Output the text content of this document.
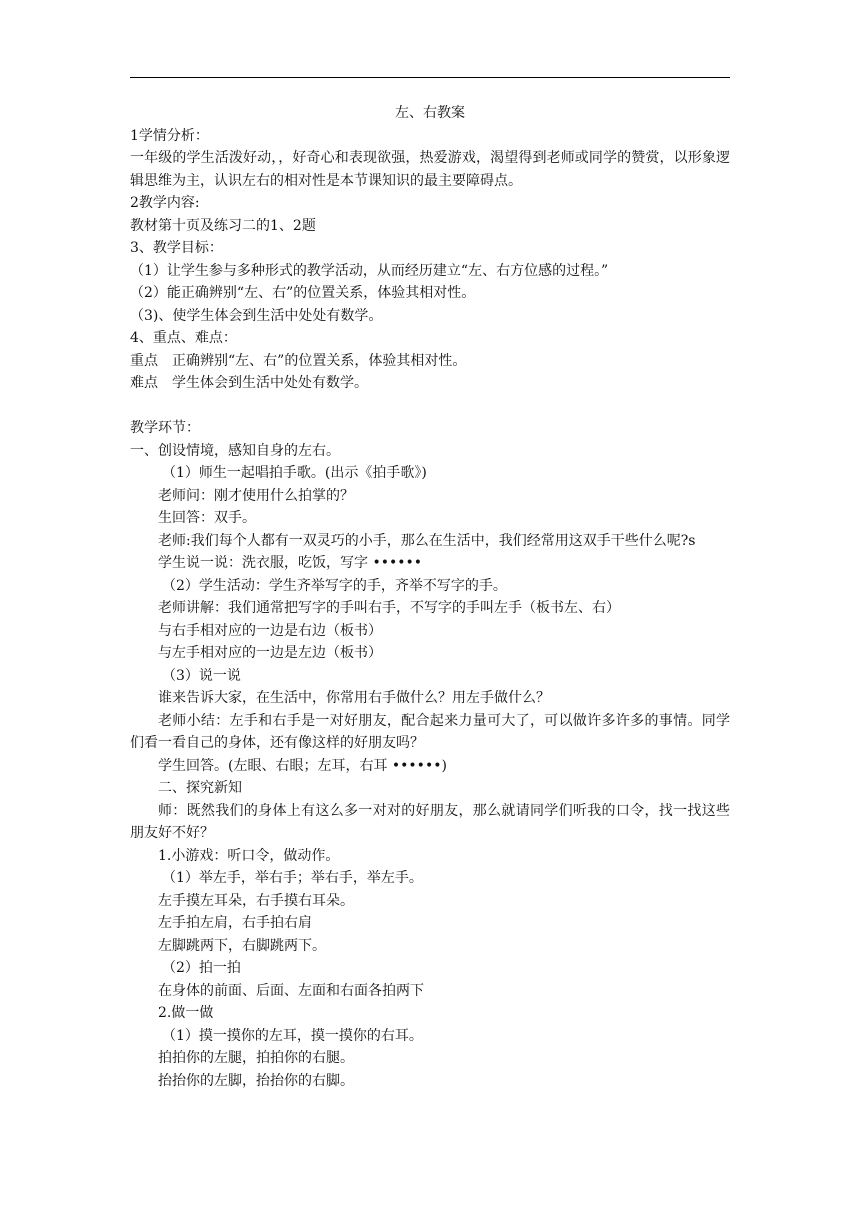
左、右教案
1学情分析：
一年级的学生活泼好动，，好奇心和表现欲强，热爱游戏，渴望得到老师或同学的赞赏，以形象逻辑思维为主，认识左右的相对性是本节课知识的最主要障碍点。
2教学内容:
教材第十页及练习二的1、2题
3、教学目标：
（1）让学生参与多种形式的教学活动，从而经历建立“左、右方位感的过程。”
（2）能正确辨别“左、右”的位置关系，体验其相对性。
（3)、使学生体会到生活中处处有数学。
4、重点、难点：
重点　正确辨别“左、右”的位置关系，体验其相对性。
难点　学生体会到生活中处处有数学。
教学环节：
一、创设情境，感知自身的左右。
（1）师生一起唱拍手歌。(出示《拍手歌》)
老师问：刚才使用什么拍掌的？
生回答：双手。
老师:我们每个人都有一双灵巧的小手，那么在生活中，我们经常用这双手干些什么呢?s
学生说一说：洗衣服，吃饭，写字 ••••••
（2）学生活动：学生齐举写字的手，齐举不写字的手。
老师讲解：我们通常把写字的手叫右手，不写字的手叫左手（板书左、右）
与右手相对应的一边是右边（板书）
与左手相对应的一边是左边（板书）
（3）说一说
谁来告诉大家，在生活中，你常用右手做什么？用左手做什么？
老师小结：左手和右手是一对好朋友，配合起来力量可大了，可以做许多许多的事情。同学们看一看自己的身体，还有像这样的好朋友吗？
学生回答。(左眼、右眼；左耳，右耳 ••••••)
二、探究新知
师：既然我们的身体上有这么多一对对的好朋友，那么就请同学们听我的口令，找一找这些朋友好不好？
1.小游戏：听口令，做动作。
（1）举左手，举右手；举右手，举左手。
左手摸左耳朵，右手摸右耳朵。
左手拍左肩，右手拍右肩
左脚跳两下，右脚跳两下。
（2）拍一拍
在身体的前面、后面、左面和右面各拍两下
2.做一做
（1）摸一摸你的左耳，摸一摸你的右耳。
拍拍你的左腿，拍拍你的右腿。
抬抬你的左脚，抬抬你的右脚。
